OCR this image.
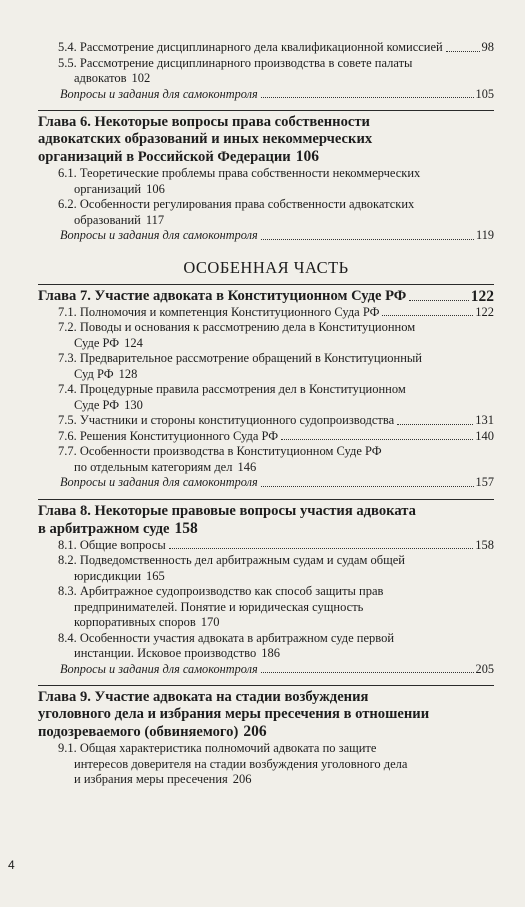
5.4. Рассмотрение дисциплинарного дела квалификационной комиссией	98
5.5. Рассмотрение дисциплинарного производства в совете палаты
адвокатов 102
Вопросы и задания для самоконтроля	105
Глава 6. Некоторые вопросы права собственности
адвокатских образований и иных некоммерческих
организаций в Российской Федерации 106
6.1. Теоретические проблемы права собственности некоммерческих
организаций 106
6.2. Особенности регулирования права собственности адвокатских
образований 117
Вопросы и задания для самоконтроля	119
ОСОБЕННАЯ ЧАСТЬ
Глава 7. Участие адвоката в Конституционном Суде РФ	122
7.1. Полномочия и компетенция Конституционного Суда РФ	122
7.2. Поводы и основания к рассмотрению дела в Конституционном
Суде РФ 124
7.3. Предварительное рассмотрение обращений в Конституционный
Суд РФ 128
7.4. Процедурные правила рассмотрения дел в Конституционном
Суде РФ 130
7.5. Участники и стороны конституционного судопроизводства	131
7.6. Решения Конституционного Суда РФ	140
7.7. Особенности производства в Конституционном Суде РФ
по отдельным категориям дел 146
Вопросы и задания для самоконтроля	157
Глава 8. Некоторые правовые вопросы участия адвоката
в арбитражном суде 158
8.1. Общие вопросы	158
8.2. Подведомственность дел арбитражным судам и судам общей
юрисдикции 165
8.3. Арбитражное судопроизводство как способ защиты прав
предпринимателей. Понятие и юридическая сущность
корпоративных споров 170
8.4. Особенности участия адвоката в арбитражном суде первой
инстанции. Исковое производство 186
Вопросы и задания для самоконтроля	205
Глава 9. Участие адвоката на стадии возбуждения
уголовного дела и избрания меры пресечения в отношении
подозреваемого (обвиняемого) 206
9.1. Общая характеристика полномочий адвоката по защите
интересов доверителя на стадии возбуждения уголовного дела
и избрания меры пресечения 206
4
